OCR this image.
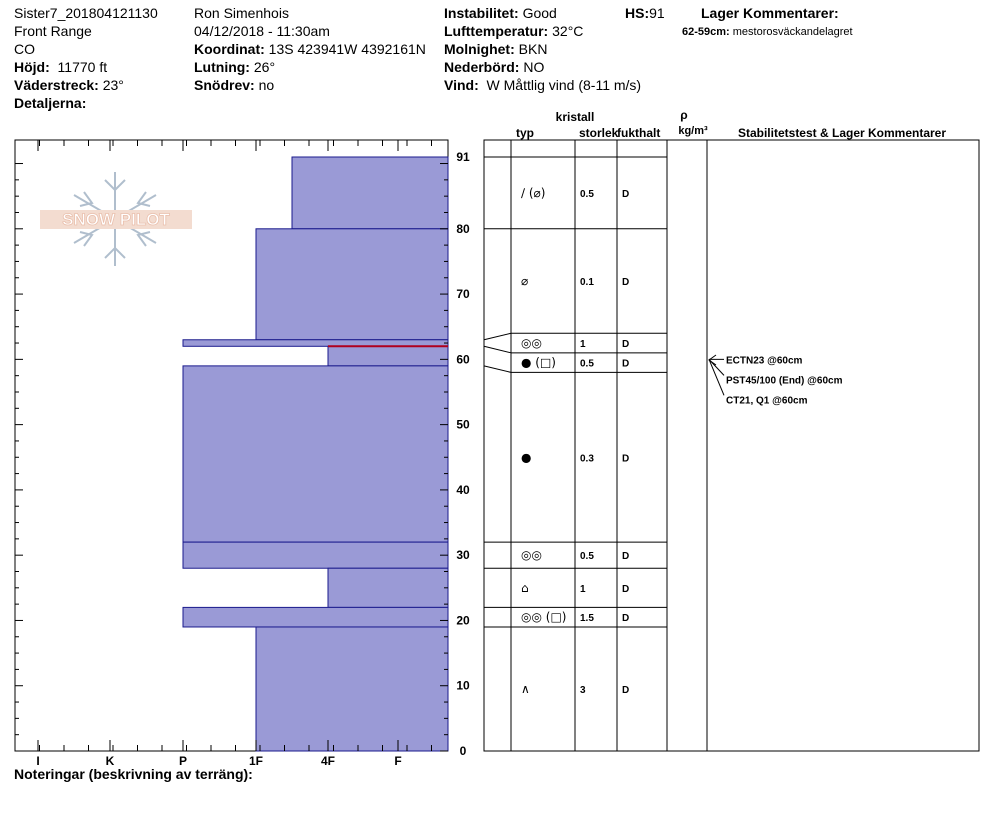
Sister7_201804121130
Front Range
CO
Höjd: 11770 ft
Väderstreck: 23°
Detaljerna:
Ron Simenhois
04/12/2018 - 11:30am
Koordinat: 13S 423941W 4392161N
Lutning: 26°
Snödrev: no
Instabilitet: Good
Lufttemperatur: 32°C
Molnighet: BKN
Nederbörd: NO
Vind: W Måttlig vind (8-11 m/s)
HS:91	Lager Kommentarer:
62-59cm: mestorosväckandelagret
SNOW PILOT
I	K	P	1F	4F	F
0
10
20
30
40
50
60
70
80
91
∕ (⌀)	0.5	D
⌀	0.1	D
◎◎	1	D
● (□) 0.5	D
●	0.3	D
◎◎	0.5	D
⌂	1	D
◎◎ (□) 1.5	D
∧	3	D
ECTN23 @60cm
PST45/100 (End) @60cm
CT21, Q1 @60cm
kristall
typ	storlek
fukthalt
ρ
kg/m³	Stabilitetstest & Lager Kommentarer
Noteringar (beskrivning av terräng):
